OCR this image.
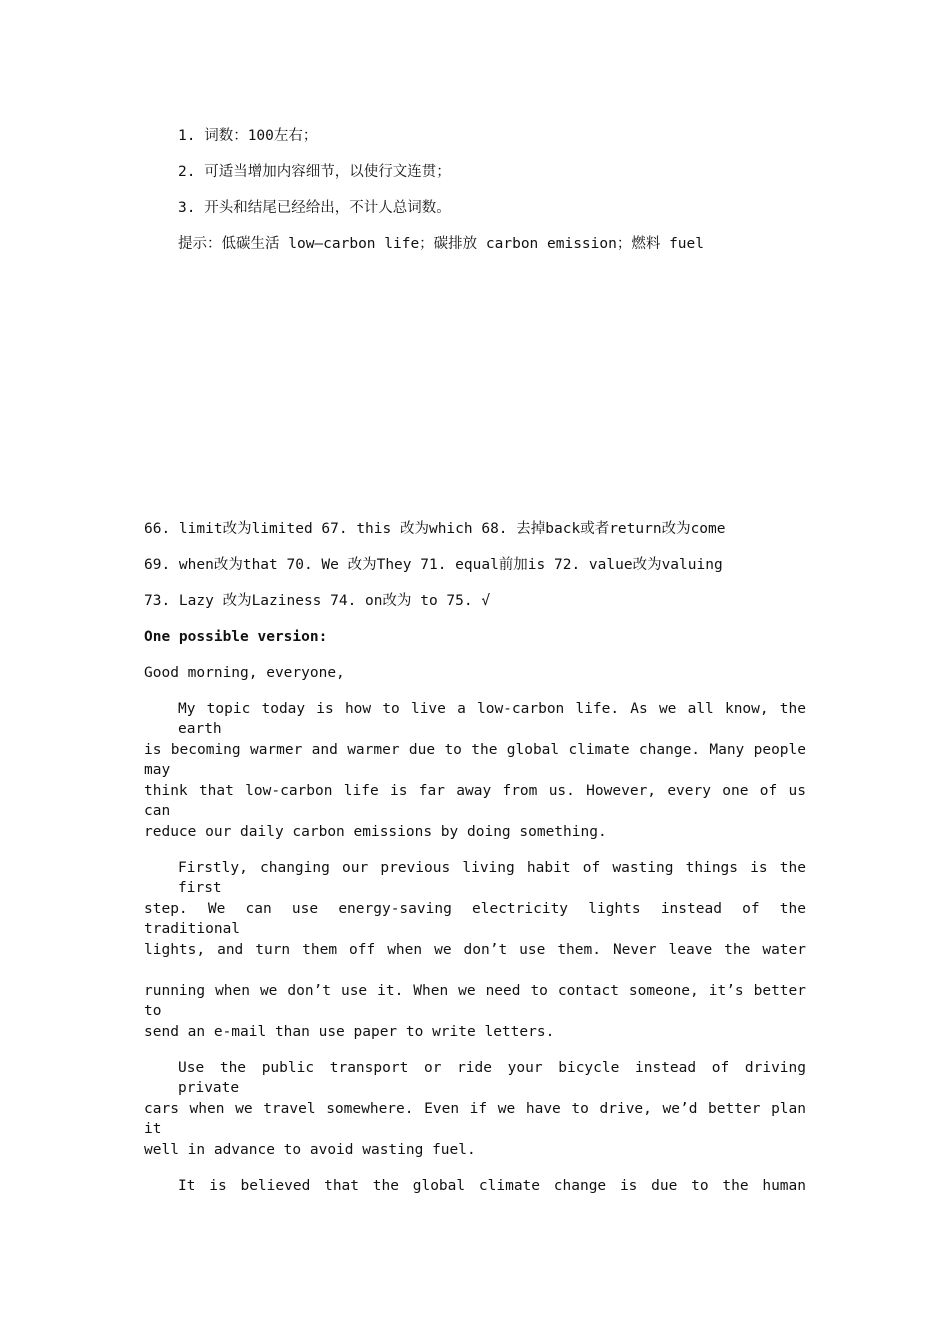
1. 词数：100左右；
2. 可适当增加内容细节，以使行文连贯；
3. 开头和结尾已经给出，不计人总词数。
提示：低碳生活 low—carbon life；碳排放 carbon emission；燃料 fuel
66. limit改为limited 67. this 改为which 68. 去掉back或者return改为come
69. when改为that 70. We 改为They 71. equal前加is 72. value改为valuing
73. Lazy 改为Laziness 74. on改为 to 75. √
One possible version:
Good morning, everyone,
My topic today is how to live a low-carbon life. As we all know, the earth
is becoming warmer and warmer due to the global climate change. Many people may
think that low-carbon life is far away from us. However, every one of us can
reduce our daily carbon emissions by doing something.
Firstly, changing our previous living habit of wasting things is the first
step. We can use energy-saving electricity lights instead of the traditional
lights, and turn them off when we don’t use them. Never leave the water
running when we don’t use it. When we need to contact someone, it’s better to
send an e-mail than use paper to write letters.
Use the public transport or ride your bicycle instead of driving private
cars when we travel somewhere. Even if we have to drive, we’d better plan it
well in advance to avoid wasting fuel.
It is believed that the global climate change is due to the human
